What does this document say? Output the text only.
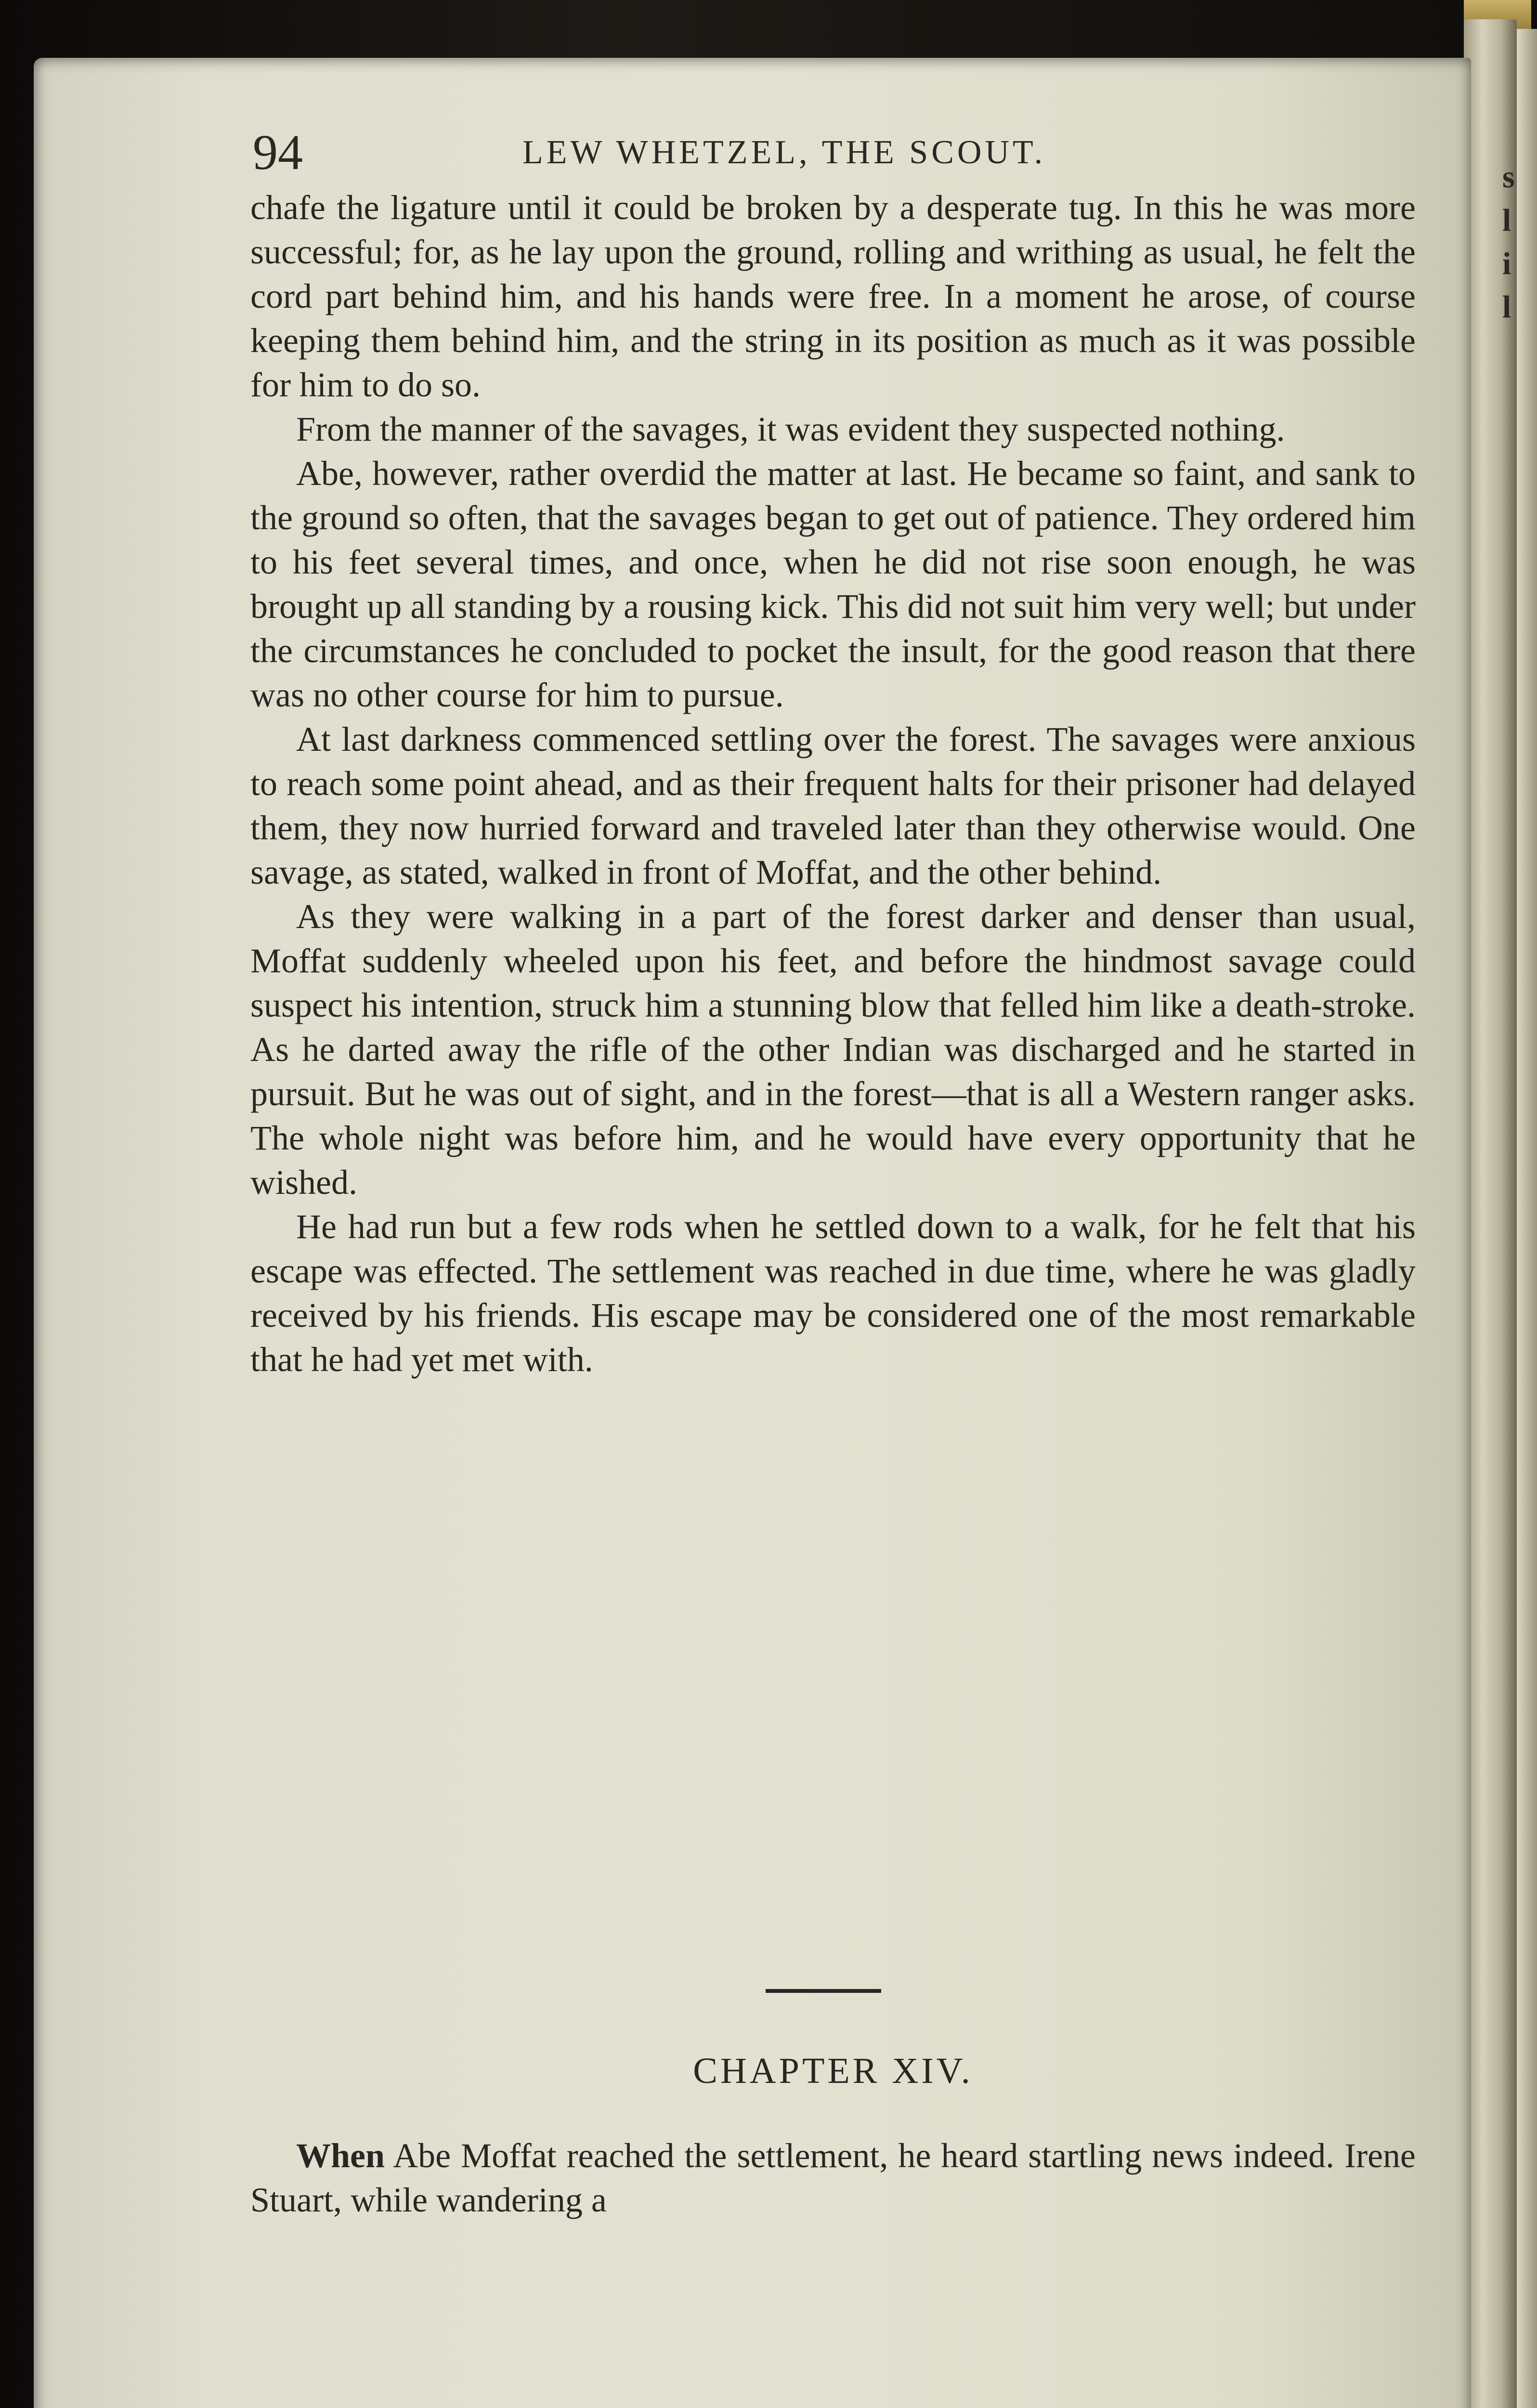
s
l
i
l
94	LEW WHETZEL, THE SCOUT.

chafe the ligature until it could be broken by a desperate tug. In this he was more successful; for, as he lay upon the ground, rolling and writhing as usual, he felt the cord part behind him, and his hands were free. In a moment he arose, of course keeping them behind him, and the string in its position as much as it was possible for him to do so.

From the manner of the savages, it was evident they suspected nothing.

Abe, however, rather overdid the matter at last. He became so faint, and sank to the ground so often, that the savages began to get out of patience. They ordered him to his feet several times, and once, when he did not rise soon enough, he was brought up all standing by a rousing kick. This did not suit him very well; but under the circumstances he concluded to pocket the insult, for the good reason that there was no other course for him to pursue.

At last darkness commenced settling over the forest. The savages were anxious to reach some point ahead, and as their frequent halts for their prisoner had delayed them, they now hurried forward and traveled later than they otherwise would. One savage, as stated, walked in front of Moffat, and the other behind.

As they were walking in a part of the forest darker and denser than usual, Moffat suddenly wheeled upon his feet, and before the hindmost savage could suspect his intention, struck him a stunning blow that felled him like a death-stroke. As he darted away the rifle of the other Indian was discharged and he started in pursuit. But he was out of sight, and in the forest—that is all a Western ranger asks. The whole night was before him, and he would have every opportunity that he wished.

He had run but a few rods when he settled down to a walk, for he felt that his escape was effected. The settlement was reached in due time, where he was gladly received by his friends. His escape may be considered one of the most remarkable that he had yet met with.

CHAPTER XIV.

When Abe Moffat reached the settlement, he heard startling news indeed. Irene Stuart, while wandering a
